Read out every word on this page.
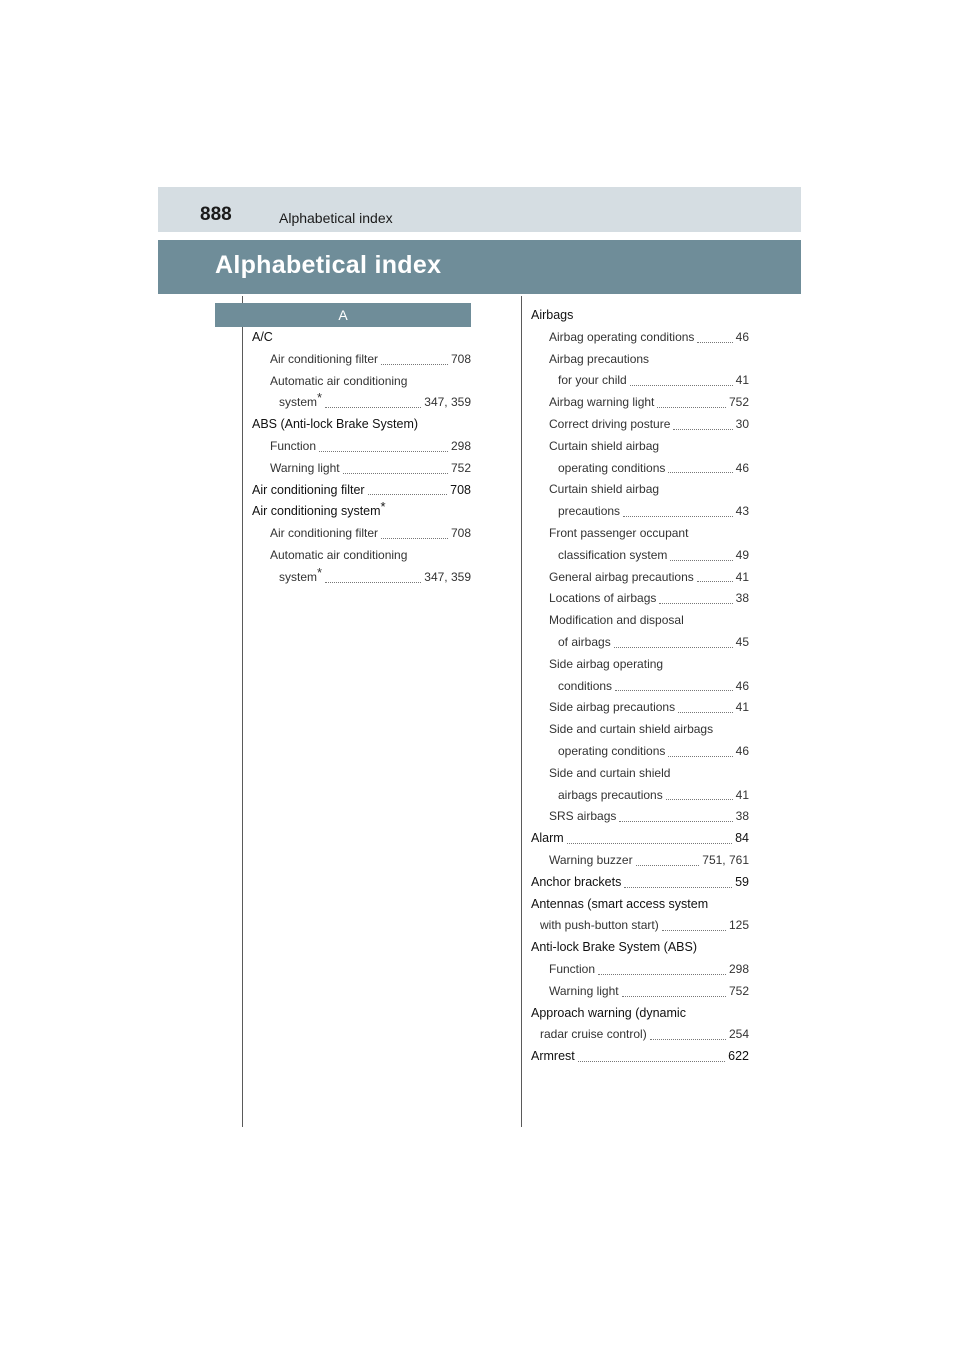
888	Alphabetical index
Alphabetical index
A
A/C
Air conditioning filter	708
Automatic air conditioning
system*	347, 359
ABS (Anti-lock Brake System)
Function	298
Warning light	752
Air conditioning filter	708
Air conditioning system*
Air conditioning filter	708
Automatic air conditioning
system*	347, 359
Airbags
Airbag operating conditions	46
Airbag precautions
for your child	41
Airbag warning light	752
Correct driving posture	30
Curtain shield airbag
operating conditions	46
Curtain shield airbag
precautions	43
Front passenger occupant
classification system	49
General airbag precautions	41
Locations of airbags	38
Modification and disposal
of airbags	45
Side airbag operating
conditions	46
Side airbag precautions	41
Side and curtain shield airbags
operating conditions	46
Side and curtain shield
airbags precautions	41
SRS airbags	38
Alarm	84
Warning buzzer	751, 761
Anchor brackets	59
Antennas (smart access system
with push-button start)	125
Anti-lock Brake System (ABS)
Function	298
Warning light	752
Approach warning (dynamic
radar cruise control)	254
Armrest	622
